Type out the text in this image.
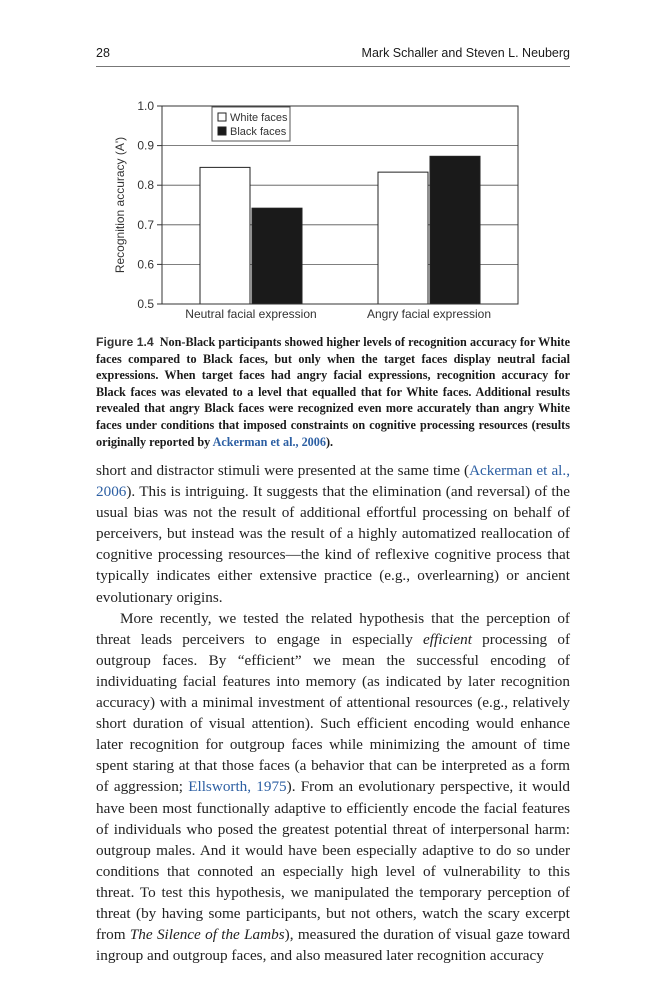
28	Mark Schaller and Steven L. Neuberg
0.5
0.6
0.7
0.8
0.9
1.0
Neutral facial expression	Angry facial expression
Recognition accuracy (A')
White faces
Black faces
Figure 1.4 Non-Black participants showed higher levels of recognition accuracy for White faces compared to Black faces, but only when the target faces display neutral facial expressions. When target faces had angry facial expressions, recognition accuracy for Black faces was elevated to a level that equalled that for White faces. Additional results revealed that angry Black faces were recognized even more accurately than angry White faces under conditions that imposed constraints on cognitive processing resources (results originally reported by Ackerman et al., 2006).

short and distractor stimuli were presented at the same time (Ackerman et al., 2006). This is intriguing. It suggests that the elimination (and reversal) of the usual bias was not the result of additional effortful processing on behalf of perceivers, but instead was the result of a highly automatized reallocation of cognitive processing resources—the kind of reflexive cognitive process that typically indicates either extensive practice (e.g., overlearning) or ancient evolutionary origins.

More recently, we tested the related hypothesis that the perception of threat leads perceivers to engage in especially efficient processing of outgroup faces. By “efficient” we mean the successful encoding of individuating facial features into memory (as indicated by later recognition accuracy) with a minimal investment of attentional resources (e.g., relatively short duration of visual attention). Such efficient encoding would enhance later recognition for outgroup faces while minimizing the amount of time spent staring at that those faces (a behavior that can be interpreted as a form of aggression; Ellsworth, 1975). From an evolutionary perspective, it would have been most functionally adaptive to efficiently encode the facial features of individuals who posed the greatest potential threat of interpersonal harm: outgroup males. And it would have been especially adaptive to do so under conditions that connoted an especially high level of vulnerability to this threat. To test this hypothesis, we manipulated the temporary perception of threat (by having some participants, but not others, watch the scary excerpt from The Silence of the Lambs), measured the duration of visual gaze toward ingroup and outgroup faces, and also measured later recognition accuracy
